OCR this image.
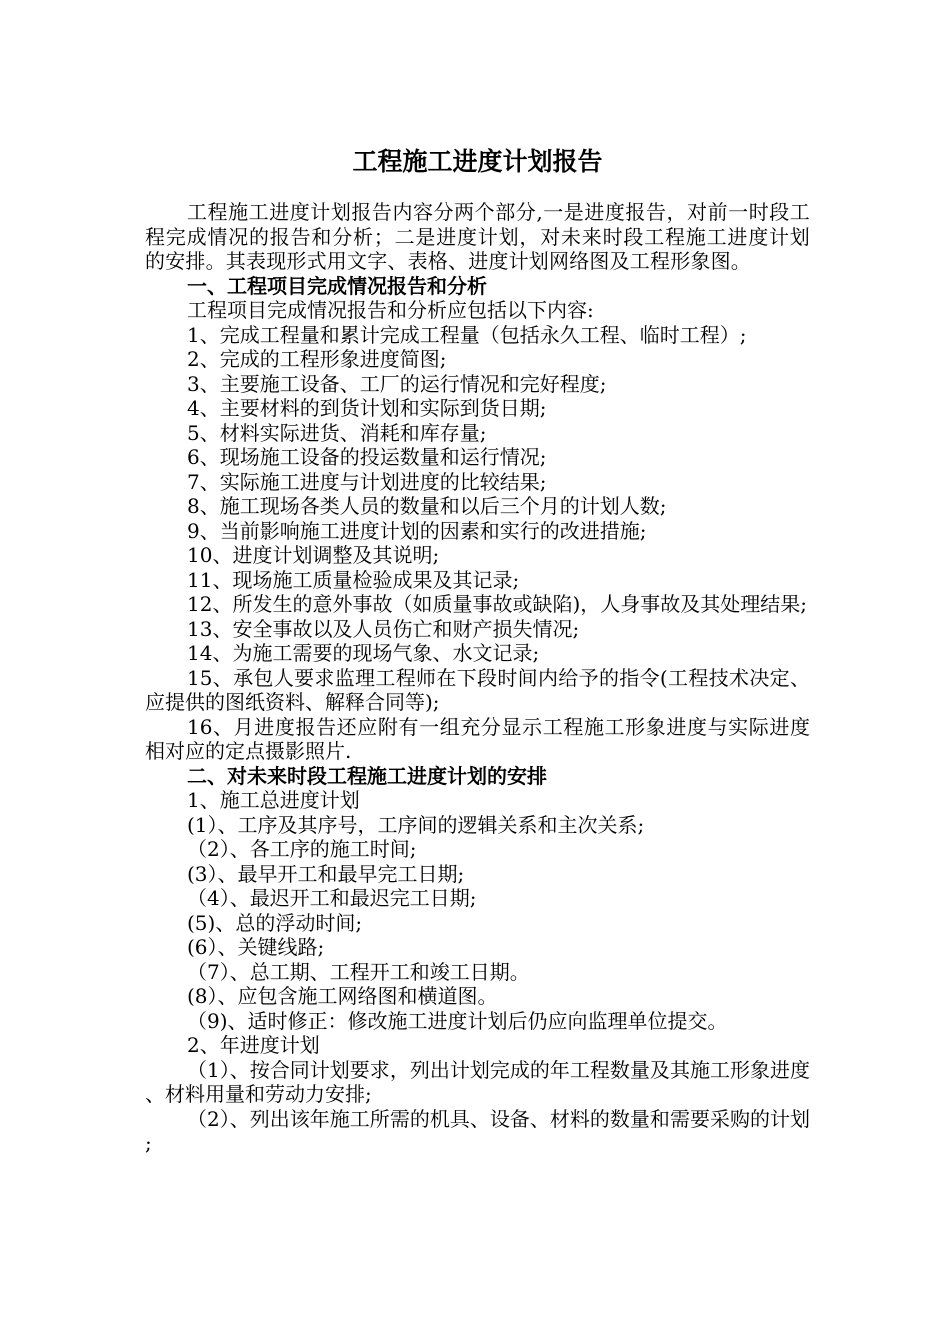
工程施工进度计划报告

工程施工进度计划报告内容分两个部分,一是进度报告，对前一时段工程完成情况的报告和分析；二是进度计划，对未来时段工程施工进度计划的安排。其表现形式用文字、表格、进度计划网络图及工程形象图。

一、工程项目完成情况报告和分析

工程项目完成情况报告和分析应包括以下内容:

1、完成工程量和累计完成工程量（包括永久工程、临时工程）;

2、完成的工程形象进度简图;

3、主要施工设备、工厂的运行情况和完好程度;

4、主要材料的到货计划和实际到货日期;

5、材料实际进货、消耗和库存量;

6、现场施工设备的投运数量和运行情况;

7、实际施工进度与计划进度的比较结果;

8、施工现场各类人员的数量和以后三个月的计划人数;

9、当前影响施工进度计划的因素和实行的改进措施;

10、进度计划调整及其说明;

11、现场施工质量检验成果及其记录;

12、所发生的意外事故（如质量事故或缺陷)，人身事故及其处理结果;

13、安全事故以及人员伤亡和财产损失情况;

14、为施工需要的现场气象、水文记录;

15、承包人要求监理工程师在下段时间内给予的指令(工程技术决定、应提供的图纸资料、解释合同等);

16、月进度报告还应附有一组充分显示工程施工形象进度与实际进度相对应的定点摄影照片.

二、对未来时段工程施工进度计划的安排

1、施工总进度计划

(1）、工序及其序号，工序间的逻辑关系和主次关系;

（2）、各工序的施工时间;

(3）、最早开工和最早完工日期;

（4）、最迟开工和最迟完工日期;

(5)、总的浮动时间;

(6）、关键线路;

（7）、总工期、工程开工和竣工日期。

(8）、应包含施工网络图和横道图。

（9)、适时修正：修改施工进度计划后仍应向监理单位提交。

2、年进度计划

（1）、按合同计划要求，列出计划完成的年工程数量及其施工形象进度、材料用量和劳动力安排;

（2）、列出该年施工所需的机具、设备、材料的数量和需要采购的计划;
